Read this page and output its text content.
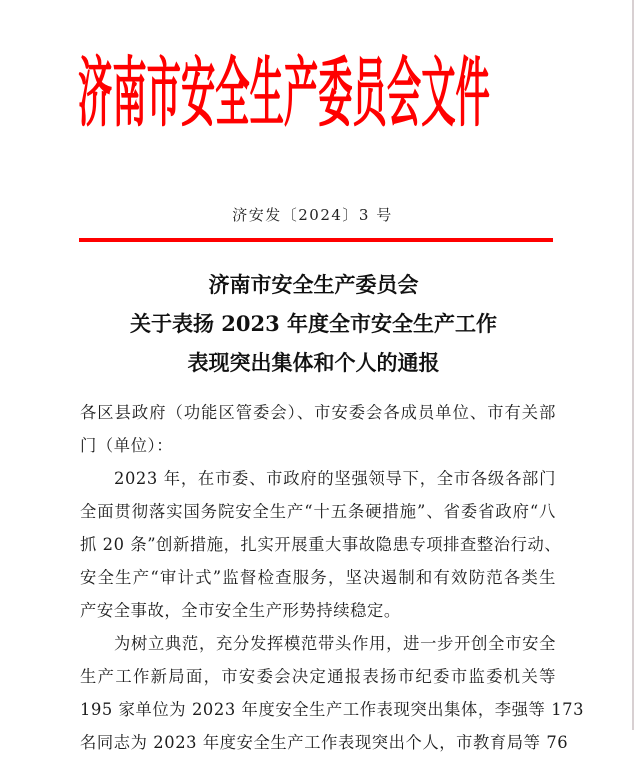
济南市安全生产委员会文件
济安发〔2024〕3 号
济南市安全生产委员会
关于表扬 2023 年度全市安全生产工作
表现突出集体和个人的通报
各区县政府（功能区管委会）、市安委会各成员单位、市有关部
门（单位）：
2023 年，在市委、市政府的坚强领导下，全市各级各部门
全面贯彻落实国务院安全生产“十五条硬措施”、省委省政府“八
抓 20 条”创新措施，扎实开展重大事故隐患专项排查整治行动、
安全生产“审计式”监督检查服务，坚决遏制和有效防范各类生
产安全事故，全市安全生产形势持续稳定。
为树立典范，充分发挥模范带头作用，进一步开创全市安全
生产工作新局面，市安委会决定通报表扬市纪委市监委机关等
195 家单位为 2023 年度安全生产工作表现突出集体，李强等 173
名同志为 2023 年度安全生产工作表现突出个人，市教育局等 76
